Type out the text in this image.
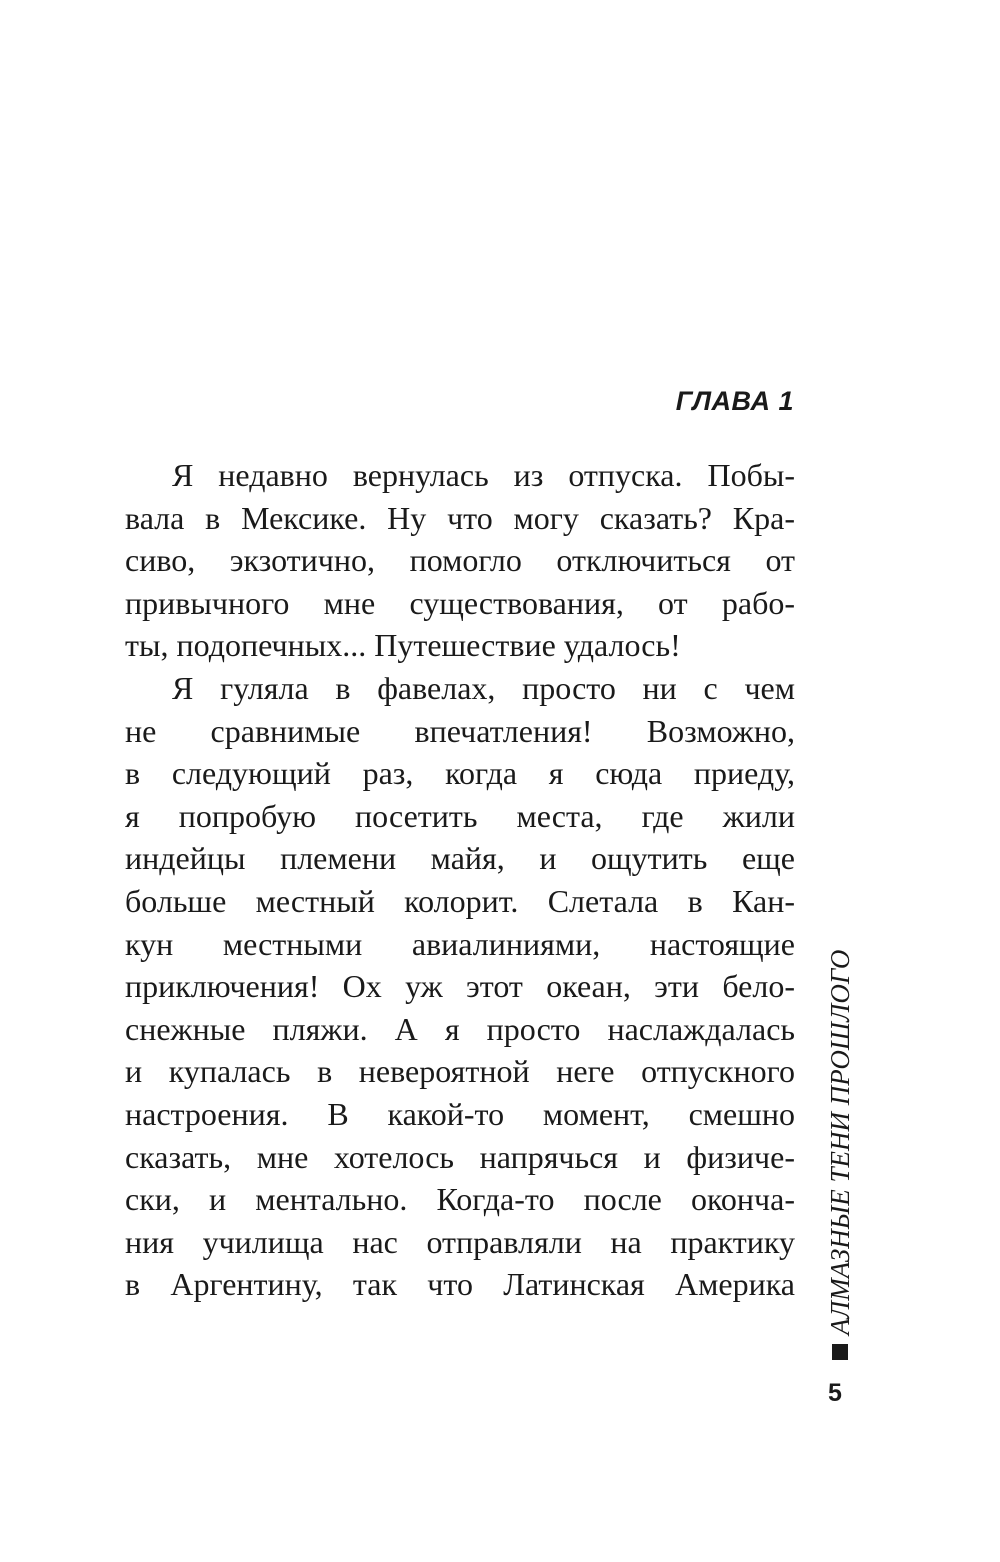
ГЛАВА 1
Я недавно вернулась из отпуска. Побы-
вала в Мексике. Ну что могу сказать? Кра-
сиво, экзотично, помогло отключиться от
привычного мне существования, от рабо-
ты, подопечных... Путешествие удалось!
Я гуляла в фавелах, просто ни с чем
не сравнимые впечатления! Возможно,
в следующий раз, когда я сюда приеду,
я попробую посетить места, где жили
индейцы племени майя, и ощутить еще
больше местный колорит. Слетала в Кан-
кун местными авиалиниями, настоящие
приключения! Ох уж этот океан, эти бело-
снежные пляжи. А я просто наслаждалась
и купалась в невероятной неге отпускного
настроения. В какой-то момент, смешно
сказать, мне хотелось напрячься и физиче-
ски, и ментально. Когда-то после оконча-
ния училища нас отправляли на практику
в Аргентину, так что Латинская Америка АЛМАЗНЫЕ ТЕНИ ПРОШЛОГО
5
